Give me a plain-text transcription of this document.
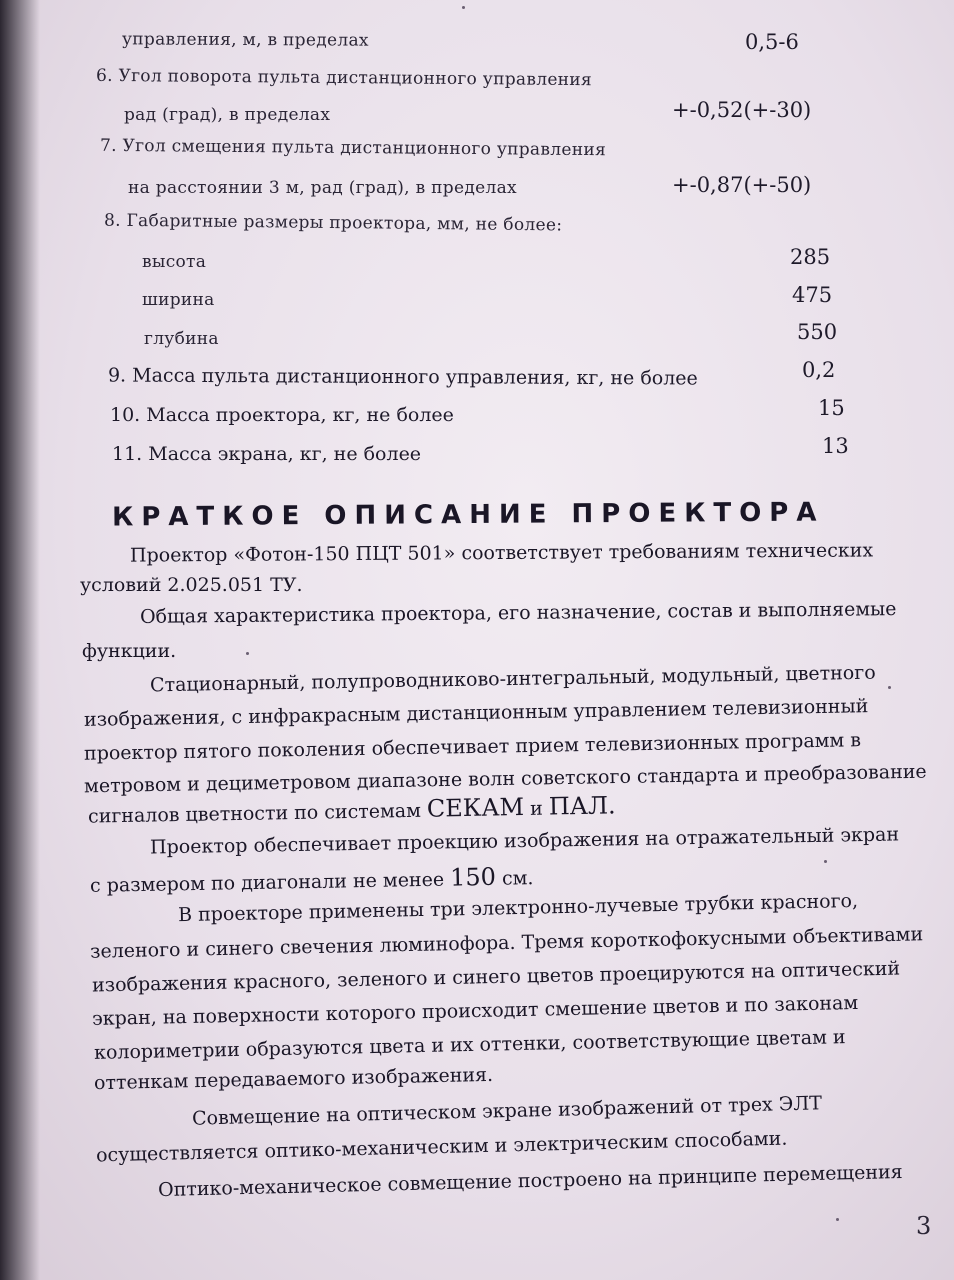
управления, м, в пределах	0,5-6
6. Угол поворота пульта дистанционного управления
рад (град), в пределах	+-0,52(+-30)
7. Угол смещения пульта дистанционного управления
на расстоянии 3 м, рад (град), в пределах	+-0,87(+-50)
8. Габаритные размеры проектора, мм, не более:
высота	285
ширина	475
глубина	550
9. Масса пульта дистанционного управления, кг, не более	0,2
10. Масса проектора, кг, не более	15
11. Масса экрана, кг, не более	13
КРАТКОЕ ОПИСАНИЕ ПРОЕКТОРА
Проектор «Фотон-150 ПЦТ 501» соответствует требованиям технических
условий 2.025.051 ТУ.
Общая характеристика проектора, его назначение, состав и выполняемые
функции.
Стационарный, полупроводниково-интегральный, модульный, цветного
изображения, с инфракрасным дистанционным управлением телевизионный
проектор пятого поколения обеспечивает прием телевизионных программ в
метровом и дециметровом диапазоне волн советского стандарта и преобразование
сигналов цветности по системам СЕКАМ и ПАЛ.
Проектор обеспечивает проекцию изображения на отражательный экран
с размером по диагонали не менее 150 см.
В проекторе применены три электронно-лучевые трубки красного,
зеленого и синего свечения люминофора. Тремя короткофокусными объективами
изображения красного, зеленого и синего цветов проецируются на оптический
экран, на поверхности которого происходит смешение цветов и по законам
колориметрии образуются цвета и их оттенки, соответствующие цветам и
оттенкам передаваемого изображения.
Совмещение на оптическом экране изображений от трех ЭЛТ
осуществляется оптико-механическим и электрическим способами.
Оптико-механическое совмещение построено на принципе перемещения
3
